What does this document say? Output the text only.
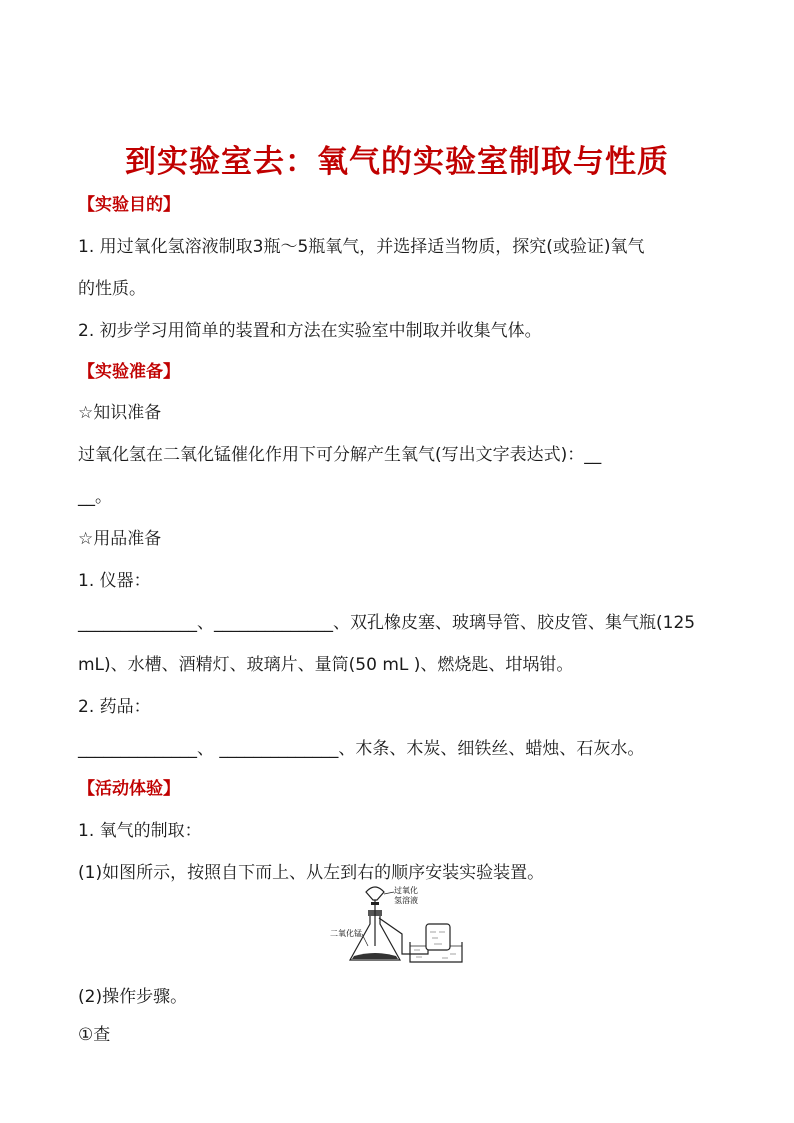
到实验室去：氧气的实验室制取与性质
【实验目的】
1. 用过氧化氢溶液制取3瓶～5瓶氧气，并选择适当物质，探究(或验证)氧气
的性质。
2. 初步学习用简单的装置和方法在实验室中制取并收集气体。
【实验准备】
☆知识准备
过氧化氢在二氧化锰催化作用下可分解产生氧气(写出文字表达式)：__
__。
☆用品准备
1. 仪器：
______________、______________、双孔橡皮塞、玻璃导管、胶皮管、集气瓶(125
mL)、水槽、酒精灯、玻璃片、量筒(50 mL )、燃烧匙、坩埚钳。
2. 药品：
______________、 ______________、木条、木炭、细铁丝、蜡烛、石灰水。
【活动体验】
1. 氧气的制取：
(1)如图所示，按照自下而上、从左到右的顺序安装实验装置。
过氧化
氢溶液
二氧化锰
(2)操作步骤。
①查
